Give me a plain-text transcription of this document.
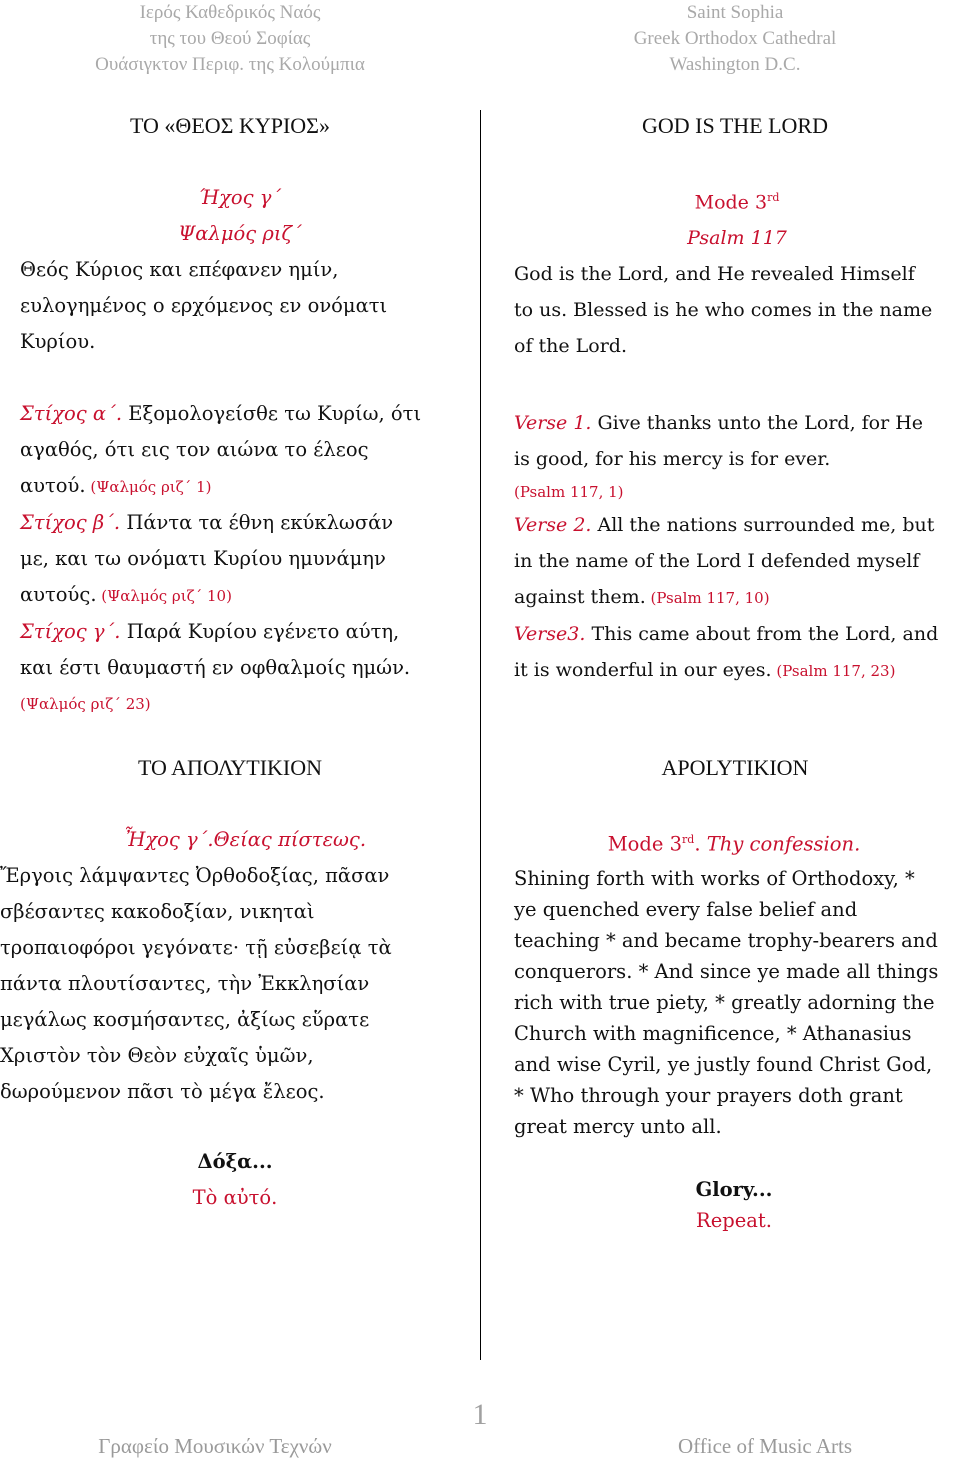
Ιερός Καθεδρικός Ναός
της του Θεού Σοφίας
Ουάσιγκτον Περιφ. της Κολούμπια
Saint Sophia
Greek Orthodox Cathedral
Washington D.C.
ΤΟ «ΘΕΟΣ ΚΥΡΙΟΣ»	GOD IS THE LORD

Ήχος γ΄

Ψαλμός ριζ΄

Θεός Κύριος και επέφανεν ημίν,

ευλογημένος ο ερχόμενος εν ονόματι

Κυρίου.

Mode 3rd

Psalm 117

God is the Lord, and He revealed Himself

to us. Blessed is he who comes in the name

of the Lord.

Στίχος α΄. Εξομολογείσθε τω Κυρίω, ότι

αγαθός, ότι εις τον αιώνα το έλεος

αυτού. (Ψαλμός ριζ΄ 1)

Στίχος β΄. Πάντα τα έθνη εκύκλωσάν

με, και τω ονόματι Κυρίου ημυνάμην

αυτούς. (Ψαλμός ριζ΄ 10)

Στίχος γ΄. Παρά Κυρίου εγένετο αύτη,

και έστι θαυμαστή εν οφθαλμοίς ημών.

(Ψαλμός ριζ΄ 23)

Verse 1. Give thanks unto the Lord, for He

is good, for his mercy is for ever.

(Psalm 117, 1)

Verse 2. All the nations surrounded me, but

in the name of the Lord I defended myself

against them. (Psalm 117, 10)

Verse3. This came about from the Lord, and

it is wonderful in our eyes. (Psalm 117, 23)

ΤΟ ΑΠΟΛΥΤΙΚΙΟΝ	APOLYTIKION

Ἦχος γ΄.Θείας πίστεως.

Ἔργοις λάμψαντες Ὀρθοδοξίας, πᾶσαν

σβέσαντες κακοδοξίαν, νικηταὶ

τροπαιοφόροι γεγόνατε· τῇ εὐσεβείᾳ τὰ

πάντα πλουτίσαντες, τὴν Ἐκκλησίαν

μεγάλως κοσμήσαντες, ἀξίως εὕρατε

Χριστὸν τὸν Θεὸν εὐχαῖς ὑμῶν,

δωρούμενον πᾶσι τὸ μέγα ἔλεος.

Δόξα...

Τὸ αὐτό.

Mode 3rd. Thy confession.

Shining forth with works of Orthodoxy, *

ye quenched every false belief and

teaching * and became trophy-bearers and

conquerors. * And since ye made all things

rich with true piety, * greatly adorning the

Church with magnificence, * Athanasius

and wise Cyril, ye justly found Christ God,

* Who through your prayers doth grant

great mercy unto all.

Glory...

Repeat.

1
Γραφείο Μουσικών Τεχνών	Office of Music Arts
